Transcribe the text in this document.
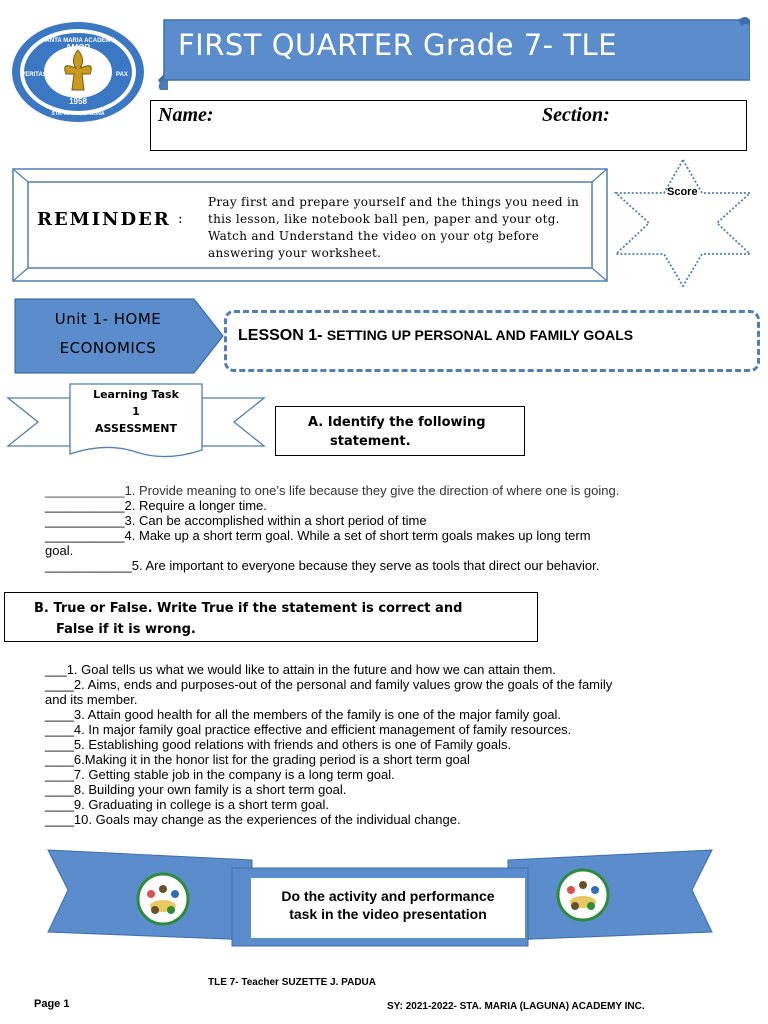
FIRST QUARTER Grade 7- TLE
SANTA MARIA ACADEMY
AMOR
VERITAS	PAX
1958
STA. MARIA, LAGUNA	Name:	Section:
REMINDER :
Pray first and prepare yourself and the things you need in this lesson, like notebook ball pen, paper and your otg. Watch and Understand the video on your otg before answering your worksheet.
Score
Unit 1- HOME
ECONOMICS
LESSON 1- SETTING UP PERSONAL AND FAMILY GOALS
Learning Task
1
ASSESSMENT	A. Identify the following
statement.
___________1. Provide meaning to one’s life because they give the direction of where one is going.
___________2. Require a longer time.
___________3. Can be accomplished within a short period of time
___________4. Make up a short term goal. While a set of short term goals makes up long term
goal.
____________5. Are important to everyone because they serve as tools that direct our behavior.
B. True or False. Write True if the statement is correct and
False if it is wrong.
___1. Goal tells us what we would like to attain in the future and how we can attain them.
____2. Aims, ends and purposes-out of the personal and family values grow the goals of the family
and its member.
____3. Attain good health for all the members of the family is one of the major family goal.
____4. In major family goal practice effective and efficient management of family resources.
____5. Establishing good relations with friends and others is one of Family goals.
____6.Making it in the honor list for the grading period is a short term goal
____7. Getting stable job in the company is a long term goal.
____8. Building your own family is a short term goal.
____9. Graduating in college is a short term goal.
____10. Goals may change as the experiences of the individual change.
Do the activity and performance
task in the video presentation
TLE 7- Teacher SUZETTE J. PADUA
Page 1	SY: 2021-2022- STA. MARIA (LAGUNA) ACADEMY INC.
